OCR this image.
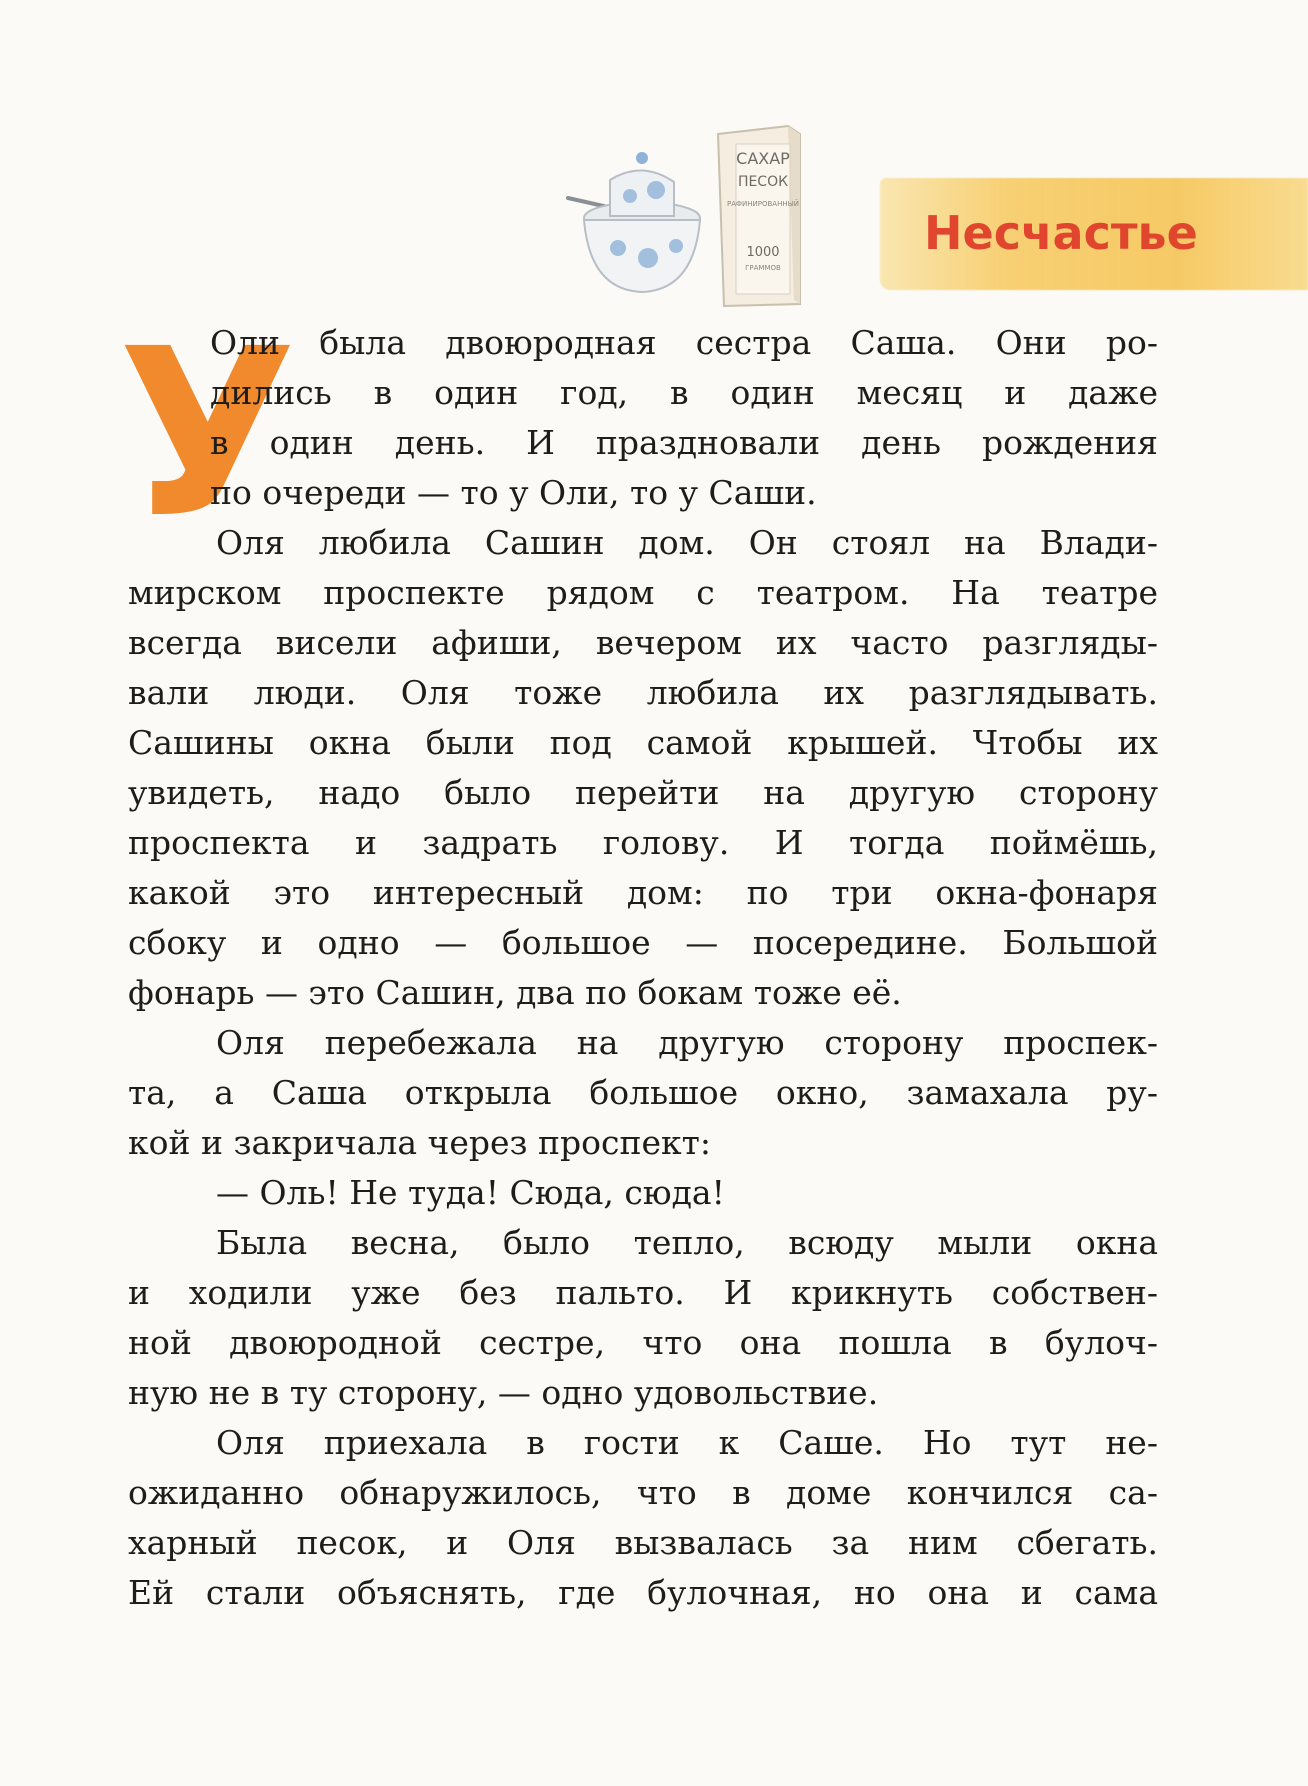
САХАР
ПЕСОК
РАФИНИРОВАННЫЙ
1000
ГРАММОВ
Несчастье
У
Оли была двоюродная сестра Саша. Они ро-
дились в один год, в один месяц и даже
в один день. И праздновали день рождения
по очереди — то у Оли, то у Саши.
Оля любила Сашин дом. Он стоял на Влади-
мирском проспекте рядом с театром. На театре
всегда висели афиши, вечером их часто разгляды-
вали люди. Оля тоже любила их разглядывать.
Сашины окна были под самой крышей. Чтобы их
увидеть, надо было перейти на другую сторону
проспекта и задрать голову. И тогда поймёшь,
какой это интересный дом: по три окна-фонаря
сбоку и одно — большое — посередине. Большой
фонарь — это Сашин, два по бокам тоже её.
Оля перебежала на другую сторону проспек-
та, а Саша открыла большое окно, замахала ру-
кой и закричала через проспект:
— Оль! Не туда! Сюда, сюда!
Была весна, было тепло, всюду мыли окна
и ходили уже без пальто. И крикнуть собствен-
ной двоюродной сестре, что она пошла в булоч-
ную не в ту сторону, — одно удовольствие.
Оля приехала в гости к Саше. Но тут не-
ожиданно обнаружилось, что в доме кончился са-
харный песок, и Оля вызвалась за ним сбегать.
Ей стали объяснять, где булочная, но она и сама
